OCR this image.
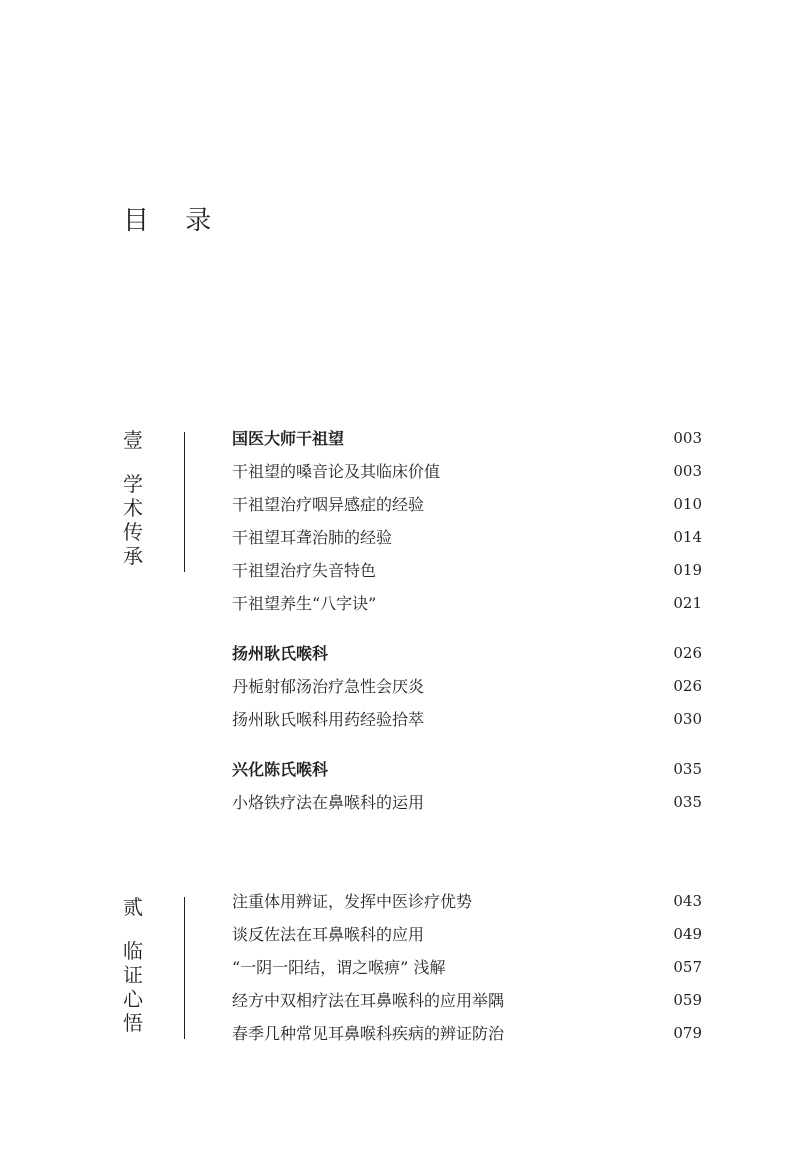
目 录
壹
学
术
传
承
国医大师干祖望	003
干祖望的嗓音论及其临床价值	003
干祖望治疗咽异感症的经验	010
干祖望耳聋治肺的经验	014
干祖望治疗失音特色	019
干祖望养生“八字诀”	021
扬州耿氏喉科	026
丹栀射郁汤治疗急性会厌炎	026
扬州耿氏喉科用药经验拾萃	030
兴化陈氏喉科	035
小烙铁疗法在鼻喉科的运用	035
贰
临
证
心
悟
注重体用辨证，发挥中医诊疗优势	043
谈反佐法在耳鼻喉科的应用	049
“一阴一阳结，谓之喉痹” 浅解	057
经方中双相疗法在耳鼻喉科的应用举隅	059
春季几种常见耳鼻喉科疾病的辨证防治	079
